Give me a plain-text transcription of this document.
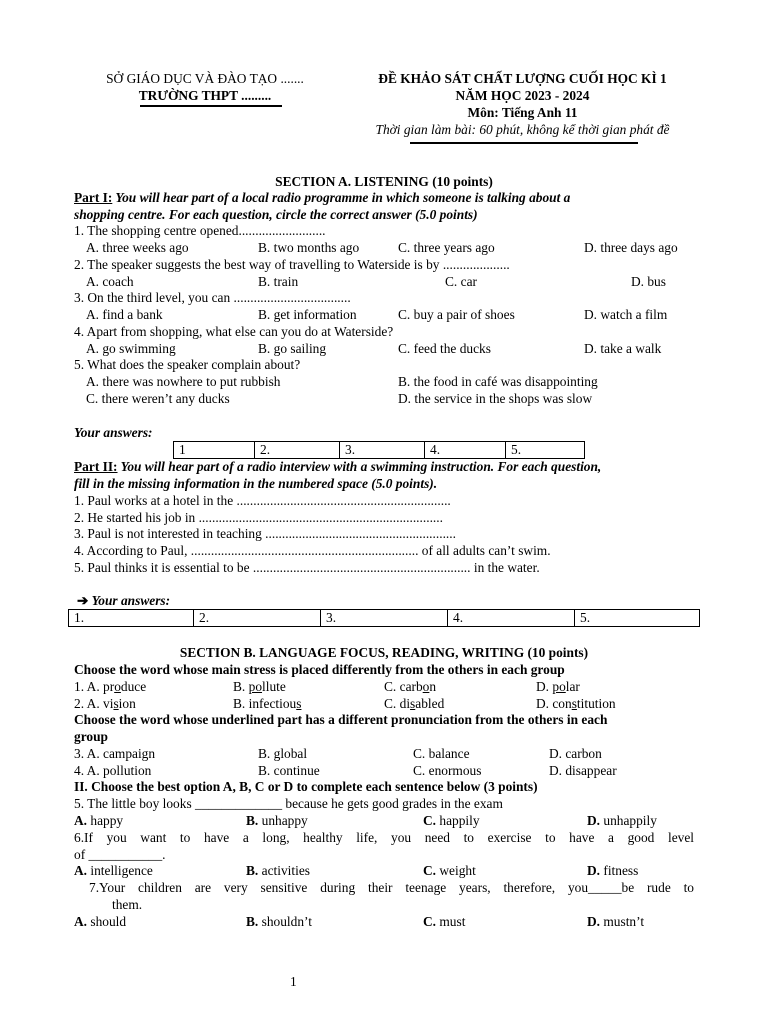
SỞ GIÁO DỤC VÀ ĐÀO TẠO .......
TRƯỜNG THPT .........
ĐỀ KHẢO SÁT CHẤT LƯỢNG CUỐI HỌC KÌ 1
NĂM HỌC 2023 - 2024
Môn: Tiếng Anh 11
Thời gian làm bài: 60 phút, không kể thời gian phát đề
SECTION A. LISTENING (10 points)
Part I: You will hear part of a local radio programme in which someone is talking about a
shopping centre. For each question, circle the correct answer (5.0 points)
1. The shopping centre opened..........................
A. three weeks ago	B. two months ago	C. three years ago	D. three days ago
2. The speaker suggests the best way of travelling to Waterside is by ....................
A. coach	B. train	C. car	D. bus
3. On the third level, you can ...................................
A. find a bank	B. get information	C. buy a pair of shoes	D. watch a film
4. Apart from shopping, what else can you do at Waterside?
A. go swimming	B. go sailing	C. feed the ducks	D. take a walk
5. What does the speaker complain about?
A. there was nowhere to put rubbish	B. the food in café was disappointing
C. there weren’t any ducks	D. the service in the shops was slow
Your answers:
1	2.	3.	4.	5.
Part II: You will hear part of a radio interview with a swimming instruction. For each question,
fill in the missing information in the numbered space (5.0 points).
1. Paul works at a hotel in the ................................................................
2. He started his job in .........................................................................
3. Paul is not interested in teaching .........................................................
4. According to Paul, .................................................................... of all adults can’t swim.
5. Paul thinks it is essential to be ................................................................. in the water.
➔ Your answers:
1.	2.	3.	4.	5.
SECTION B. LANGUAGE FOCUS, READING, WRITING (10 points)
Choose the word whose main stress is placed differently from the others in each group
1. A. produce	B. pollute	C. carbon	D. polar
2. A. vision	B. infectious	C. disabled	D. constitution
Choose the word whose underlined part has a different pronunciation from the others in each
group
3. A. campaign	B. global	C. balance	D. carbon
4. A. pollution	B. continue	C. enormous	D. disappear
II. Choose the best option A, B, C or D to complete each sentence below (3 points)
5. The little boy looks _____________ because he gets good grades in the exam
A. happy	B. unhappy	C. happily	D. unhappily
6.If you want to have a long, healthy life, you need to exercise to have a good level
of ___________.
A. intelligence	B. activities	C. weight	D. fitness
7.Your children are very sensitive during their teenage years, therefore, you_____be rude to
them.
A. should	B. shouldn’t	C. must	D. mustn’t
1
